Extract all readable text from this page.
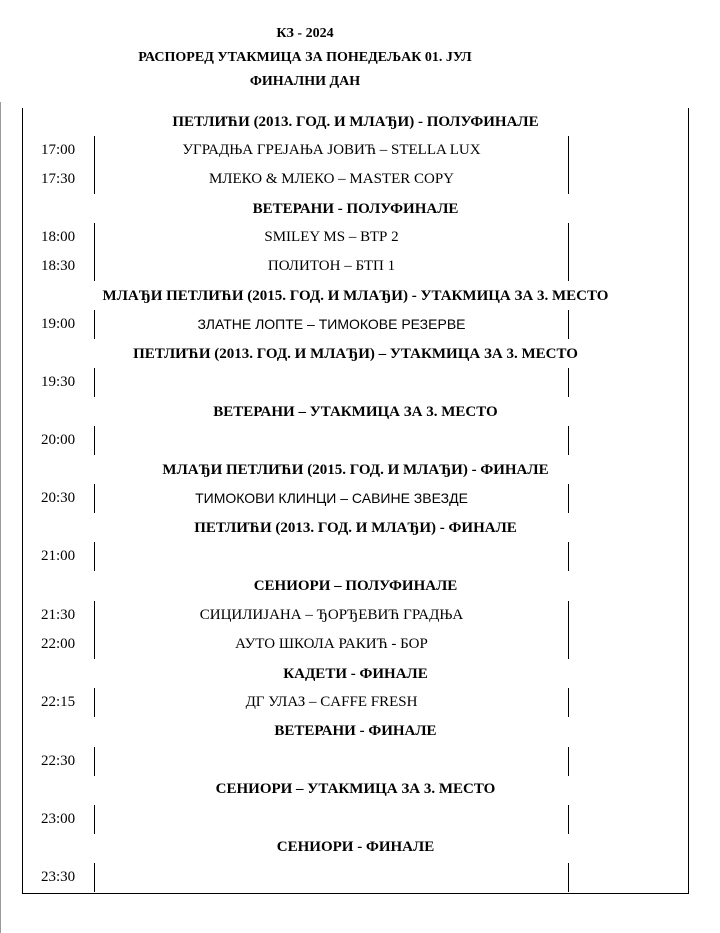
КЗ - 2024
РАСПОРЕД УТАКМИЦА ЗА ПОНЕДЕЉАК 01. ЈУЛ
ФИНАЛНИ ДАН
ПЕТЛИЋИ (2013. ГОД. И МЛАЂИ) - ПОЛУФИНАЛЕ
17:00	УГРАДЊА ГРЕЈАЊА ЈОВИЋ – STELLA LUX
17:30	МЛЕКО & МЛЕКО – MASTER COPY
ВЕТЕРАНИ - ПОЛУФИНАЛЕ
18:00	SMILEY MS – ВТР 2
18:30	ПОЛИТОН – БТП 1
МЛАЂИ ПЕТЛИЋИ (2015. ГОД. И МЛАЂИ) - УТАКМИЦА ЗА 3. МЕСТО
19:00	ЗЛАТНЕ ЛОПТЕ – ТИМОКОВЕ РЕЗЕРВЕ
ПЕТЛИЋИ (2013. ГОД. И МЛАЂИ) – УТАКМИЦА ЗА 3. МЕСТО
19:30
ВЕТЕРАНИ – УТАКМИЦА ЗА 3. МЕСТО
20:00
МЛАЂИ ПЕТЛИЋИ (2015. ГОД. И МЛАЂИ) - ФИНАЛЕ
20:30	ТИМОКОВИ КЛИНЦИ – САВИНЕ ЗВЕЗДЕ
ПЕТЛИЋИ (2013. ГОД. И МЛАЂИ) - ФИНАЛЕ
21:00
СЕНИОРИ – ПОЛУФИНАЛЕ
21:30	СИЦИЛИЈАНА – ЂОРЂЕВИЋ ГРАДЊА
22:00	АУТО ШКОЛА РАКИЋ - БОР
КАДЕТИ - ФИНАЛЕ
22:15	ДГ УЛАЗ – CAFFE FRESH
ВЕТЕРАНИ - ФИНАЛЕ
22:30
СЕНИОРИ – УТАКМИЦА ЗА 3. МЕСТО
23:00
СЕНИОРИ - ФИНАЛЕ
23:30
